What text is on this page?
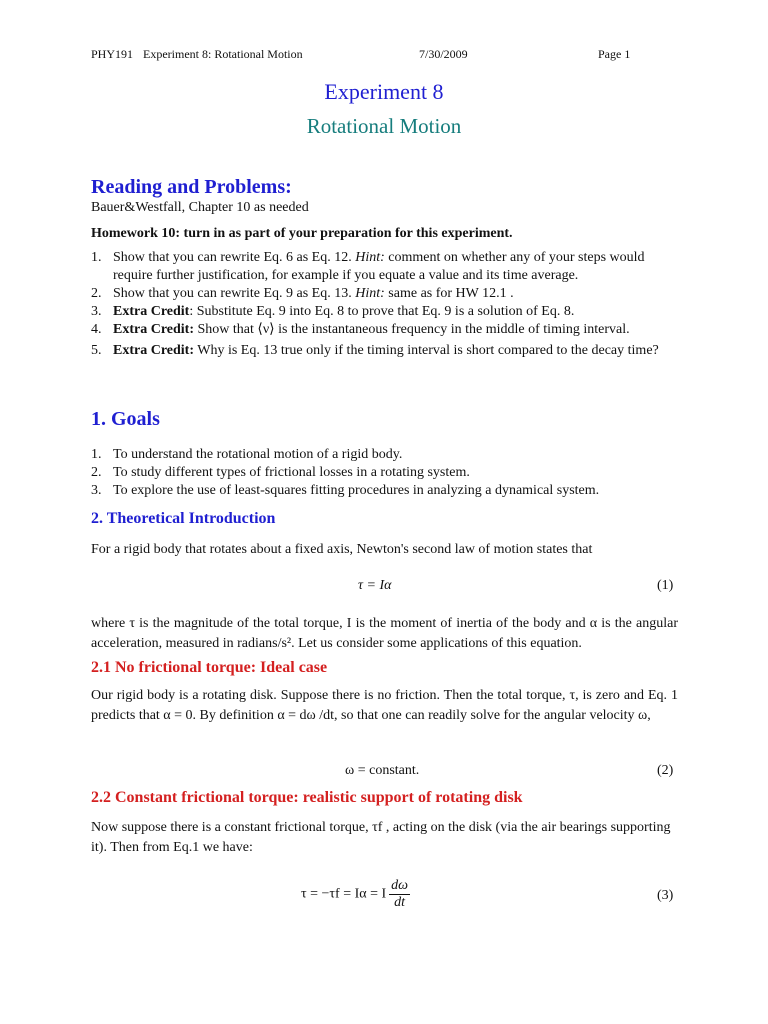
PHY191 Experiment 8: Rotational Motion	7/30/2009	Page 1
Experiment 8
Rotational Motion
Reading and Problems:
Bauer&Westfall, Chapter 10 as needed
Homework 10: turn in as part of your preparation for this experiment.
1. Show that you can rewrite Eq. 6 as Eq. 12. Hint: comment on whether any of your steps would require further justification, for example if you equate a value and its time average.
2. Show that you can rewrite Eq. 9 as Eq. 13. Hint: same as for HW 12.1 .
3. Extra Credit: Substitute Eq. 9 into Eq. 8 to prove that Eq. 9 is a solution of Eq. 8.
4. Extra Credit: Show that ⟨ν⟩ is the instantaneous frequency in the middle of timing interval.
5. Extra Credit: Why is Eq. 13 true only if the timing interval is short compared to the decay time?
1. Goals
1. To understand the rotational motion of a rigid body.
2. To study different types of frictional losses in a rotating system.
3. To explore the use of least-squares fitting procedures in analyzing a dynamical system.
2. Theoretical Introduction
For a rigid body that rotates about a fixed axis, Newton's second law of motion states that
τ = Iα	(1)
where τ is the magnitude of the total torque, I is the moment of inertia of the body and α is the angular acceleration, measured in radians/s². Let us consider some applications of this equation.
2.1 No frictional torque: Ideal case
Our rigid body is a rotating disk. Suppose there is no friction. Then the total torque, τ, is zero and Eq. 1 predicts that α = 0. By definition α = dω /dt, so that one can readily solve for the angular velocity ω,
ω = constant.	(2)
2.2 Constant frictional torque: realistic support of rotating disk
Now suppose there is a constant frictional torque, τf , acting on the disk (via the air bearings supporting it). Then from Eq.1 we have:
τ = −τf = Iα = I $\frac{d\omega}{dt}$	(3)
